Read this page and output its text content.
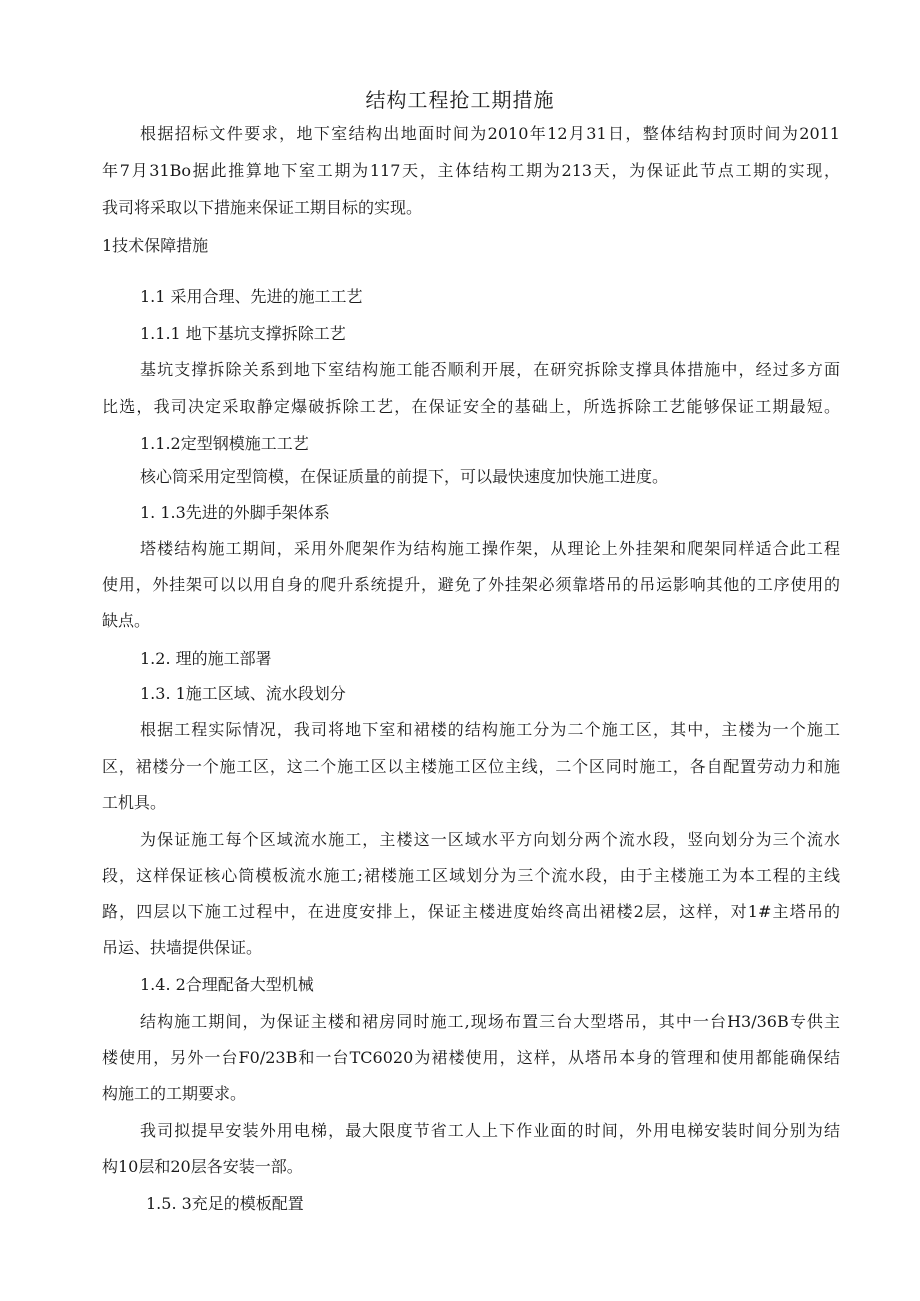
结构工程抢工期措施
根据招标文件要求，地下室结构出地面时间为2010年12月31日，整体结构封顶时间为2011
年7月31Bo据此推算地下室工期为117天，主体结构工期为213天，为保证此节点工期的实现，
我司将采取以下措施来保证工期目标的实现。
1技术保障措施
1.1 采用合理、先进的施工工艺
1.1.1 地下基坑支撑拆除工艺
基坑支撑拆除关系到地下室结构施工能否顺利开展，在研究拆除支撑具体措施中，经过多方面
比选，我司决定采取静定爆破拆除工艺，在保证安全的基础上，所选拆除工艺能够保证工期最短。
1.1.2定型钢模施工工艺
核心筒采用定型筒模，在保证质量的前提下，可以最快速度加快施工进度。
1. 1.3先进的外脚手架体系
塔楼结构施工期间，采用外爬架作为结构施工操作架，从理论上外挂架和爬架同样适合此工程
使用，外挂架可以以用自身的爬升系统提升，避免了外挂架必须靠塔吊的吊运影响其他的工序使用的
缺点。
1.2. 理的施工部署
1.3. 1施工区域、流水段划分
根据工程实际情况，我司将地下室和裙楼的结构施工分为二个施工区，其中，主楼为一个施工
区，裙楼分一个施工区，这二个施工区以主楼施工区位主线，二个区同时施工，各自配置劳动力和施
工机具。
为保证施工每个区域流水施工，主楼这一区域水平方向划分两个流水段，竖向划分为三个流水
段，这样保证核心筒模板流水施工;裙楼施工区域划分为三个流水段，由于主楼施工为本工程的主线
路，四层以下施工过程中，在进度安排上，保证主楼进度始终高出裙楼2层，这样，对1#主塔吊的
吊运、扶墙提供保证。
1.4. 2合理配备大型机械
结构施工期间，为保证主楼和裙房同时施工,现场布置三台大型塔吊，其中一台H3/36B专供主
楼使用，另外一台F0/23B和一台TC6020为裙楼使用，这样，从塔吊本身的管理和使用都能确保结
构施工的工期要求。
我司拟提早安装外用电梯，最大限度节省工人上下作业面的时间，外用电梯安装时间分别为结
构10层和20层各安装一部。
1.5. 3充足的模板配置
